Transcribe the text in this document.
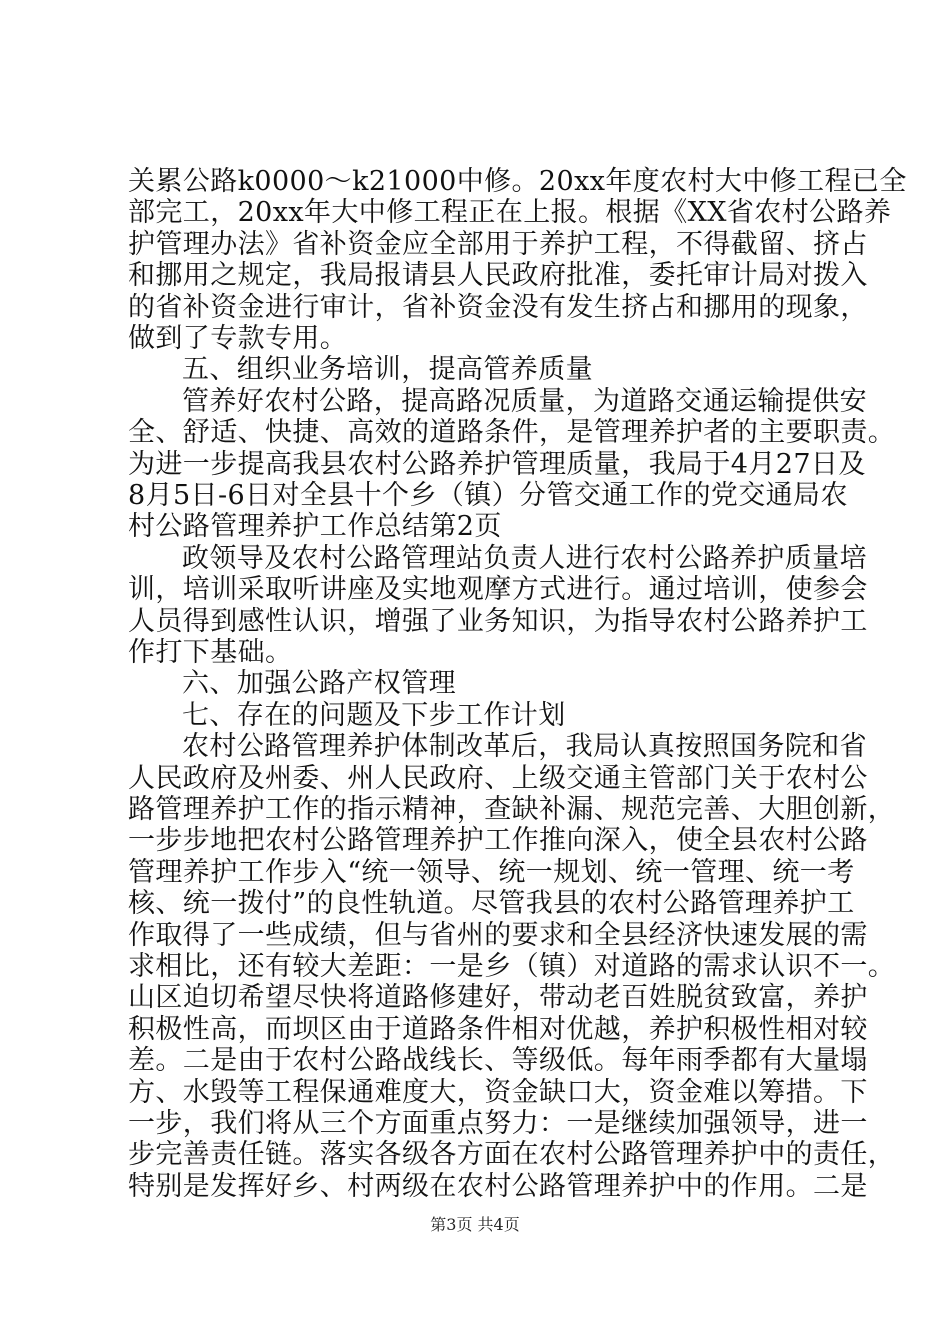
关累公路k0000～k21000中修。20xx年度农村大中修工程已全
部完工，20xx年大中修工程正在上报。根据《XX省农村公路养
护管理办法》省补资金应全部用于养护工程，不得截留、挤占
和挪用之规定，我局报请县人民政府批准，委托审计局对拨入
的省补资金进行审计，省补资金没有发生挤占和挪用的现象，
做到了专款专用。
五、组织业务培训，提高管养质量
管养好农村公路，提高路况质量，为道路交通运输提供安
全、舒适、快捷、高效的道路条件，是管理养护者的主要职责。
为进一步提高我县农村公路养护管理质量，我局于4月27日及
8月5日-6日对全县十个乡（镇）分管交通工作的党交通局农
村公路管理养护工作总结第2页
政领导及农村公路管理站负责人进行农村公路养护质量培
训，培训采取听讲座及实地观摩方式进行。通过培训，使参会
人员得到感性认识，增强了业务知识，为指导农村公路养护工
作打下基础。
六、加强公路产权管理
七、存在的问题及下步工作计划
农村公路管理养护体制改革后，我局认真按照国务院和省
人民政府及州委、州人民政府、上级交通主管部门关于农村公
路管理养护工作的指示精神，查缺补漏、规范完善、大胆创新，
一步步地把农村公路管理养护工作推向深入，使全县农村公路
管理养护工作步入“统一领导、统一规划、统一管理、统一考
核、统一拨付”的良性轨道。尽管我县的农村公路管理养护工
作取得了一些成绩，但与省州的要求和全县经济快速发展的需
求相比，还有较大差距：一是乡（镇）对道路的需求认识不一。
山区迫切希望尽快将道路修建好，带动老百姓脱贫致富，养护
积极性高，而坝区由于道路条件相对优越，养护积极性相对较
差。二是由于农村公路战线长、等级低。每年雨季都有大量塌
方、水毁等工程保通难度大，资金缺口大，资金难以筹措。下
一步，我们将从三个方面重点努力：一是继续加强领导，进一
步完善责任链。落实各级各方面在农村公路管理养护中的责任，
特别是发挥好乡、村两级在农村公路管理养护中的作用。二是
第3页 共4页
